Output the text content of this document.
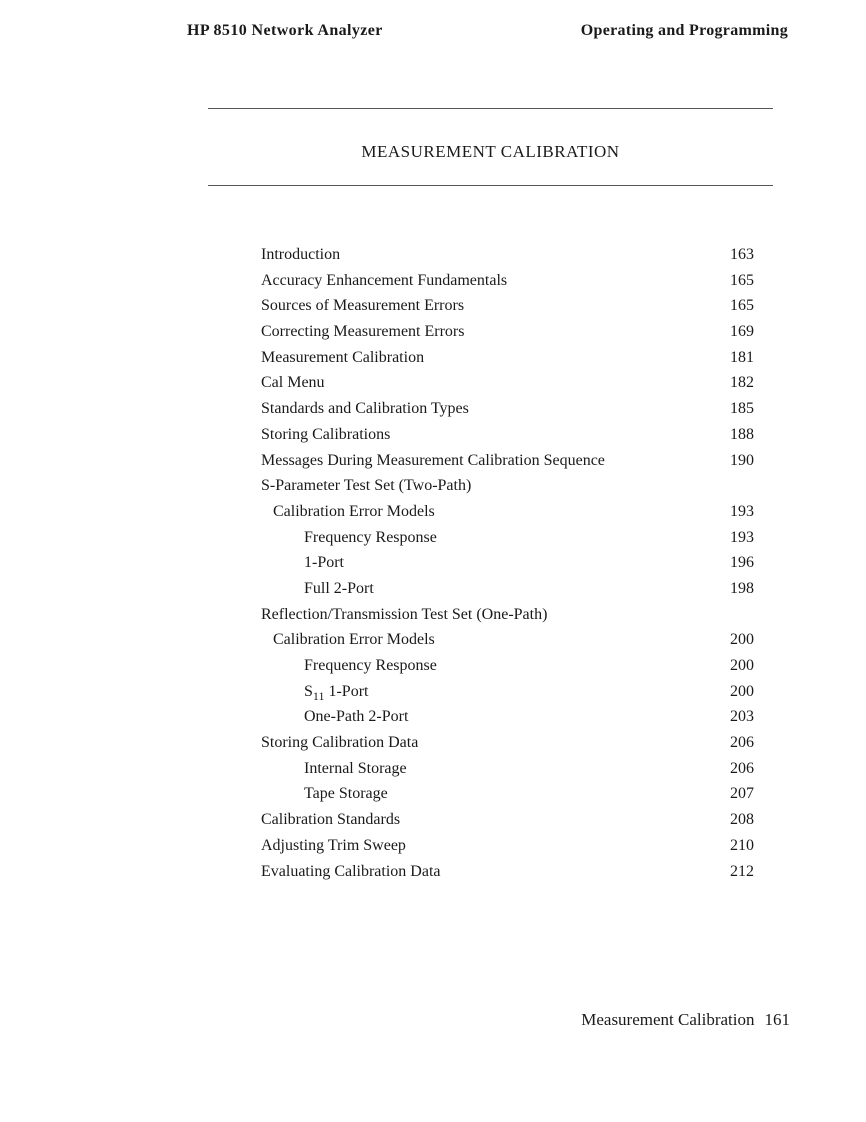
HP 8510 Network Analyzer	Operating and Programming
MEASUREMENT CALIBRATION
Introduction	163
Accuracy Enhancement Fundamentals	165
Sources of Measurement Errors	165
Correcting Measurement Errors	169
Measurement Calibration	181
Cal Menu	182
Standards and Calibration Types	185
Storing Calibrations	188
Messages During Measurement Calibration Sequence	190
S-Parameter Test Set (Two-Path)
Calibration Error Models	193
Frequency Response	193
1-Port	196
Full 2-Port	198
Reflection/Transmission Test Set (One-Path)
Calibration Error Models	200
Frequency Response	200
$S_{11}$ 1-Port	200
One-Path 2-Port	203
Storing Calibration Data	206
Internal Storage	206
Tape Storage	207
Calibration Standards	208
Adjusting Trim Sweep	210
Evaluating Calibration Data	212
Measurement Calibration 161
